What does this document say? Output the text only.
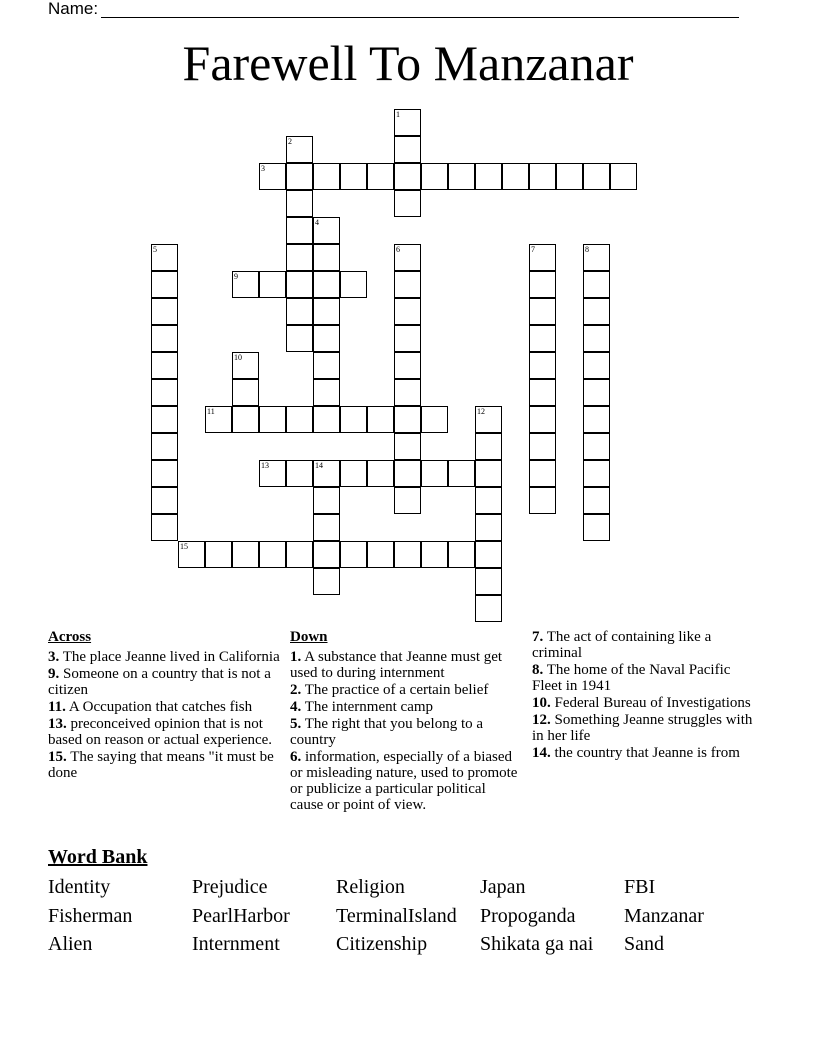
Name:
Farewell To Manzanar
1
2
3
4
5	6	7	8
9
10
11	12
13	14
15
Across
3. The place Jeanne lived in California
9. Someone on a country that is not a citizen
11. A Occupation that catches fish
13. preconceived opinion that is not based on reason or actual experience.
15. The saying that means "it must be done
Down
1. A substance that Jeanne must get used to during internment
2. The practice of a certain belief
4. The internment camp
5. The right that you belong to a country
6. information, especially of a biased or misleading nature, used to promote or publicize a particular political cause or point of view.
7. The act of containing like a criminal
8. The home of the Naval Pacific Fleet in 1941
10. Federal Bureau of Investigations
12. Something Jeanne struggles with in her life
14. the country that Jeanne is from
Word Bank
Identity	Prejudice	Religion	Japan	FBI
Fisherman	PearlHarbor	TerminalIsland	Propoganda	Manzanar
Alien	Internment	Citizenship	Shikata ga nai	Sand
